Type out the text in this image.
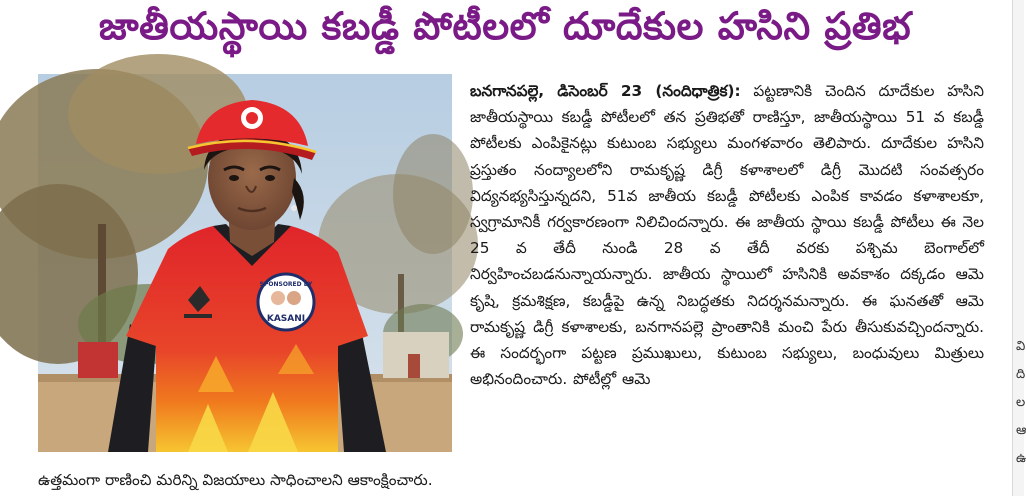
జాతీయస్థాయి కబడ్డీ పోటీలలో దూదేకుల హసిని ప్రతిభ
SPONSORED BY
KASANI
బనగానపల్లె, డిసెంబర్ 23 (నందిధాత్రిక): పట్టణానికి చెందిన దూదేకుల హసిని జాతీయస్థాయి కబడ్డీ పోటీలలో తన ప్రతిభతో రాణిస్తూ, జాతీయస్థాయి 51 వ కబడ్డీ పోటీలకు ఎంపికైనట్లు కుటుంబ సభ్యులు మంగళవారం తెలిపారు. దూదేకుల హసిని ప్రస్తుతం నంద్యాలలోని రామకృష్ణ డిగ్రీ కళాశాలలో డిగ్రీ మొదటి సంవత్సరం విద్యనభ్యసిస్తున్నదని, 51వ జాతీయ కబడ్డీ పోటీలకు ఎంపిక కావడం కళాశాలకూ, స్వగ్రామానికీ గర్వకారణంగా నిలిచిందన్నారు. ఈ జాతీయ స్థాయి కబడ్డీ పోటీలు ఈ నెల 25 వ తేదీ నుండి 28 వ తేదీ వరకు పశ్చిమ బెంగాల్‌లో నిర్వహించబడనున్నాయన్నారు. జాతీయ స్థాయిలో హసినికి అవకాశం దక్కడం ఆమె కృషి, క్రమశిక్షణ, కబడ్డీపై ఉన్న నిబద్ధతకు నిదర్శనమన్నారు. ఈ ఘనతతో ఆమె రామకృష్ణ డిగ్రీ కళాశాలకు, బనగానపల్లె ప్రాంతానికి మంచి పేరు తీసుకువచ్చిందన్నారు. ఈ సందర్భంగా పట్టణ ప్రముఖులు, కుటుంబ సభ్యులు, బంధువులు మిత్రులు అభినందించారు. పోటీల్లో ఆమె
ఉత్తమంగా రాణించి మరిన్ని విజయాలు సాధించాలని ఆకాంక్షించారు.
వి
ది
ల
ఆ
ఉ
